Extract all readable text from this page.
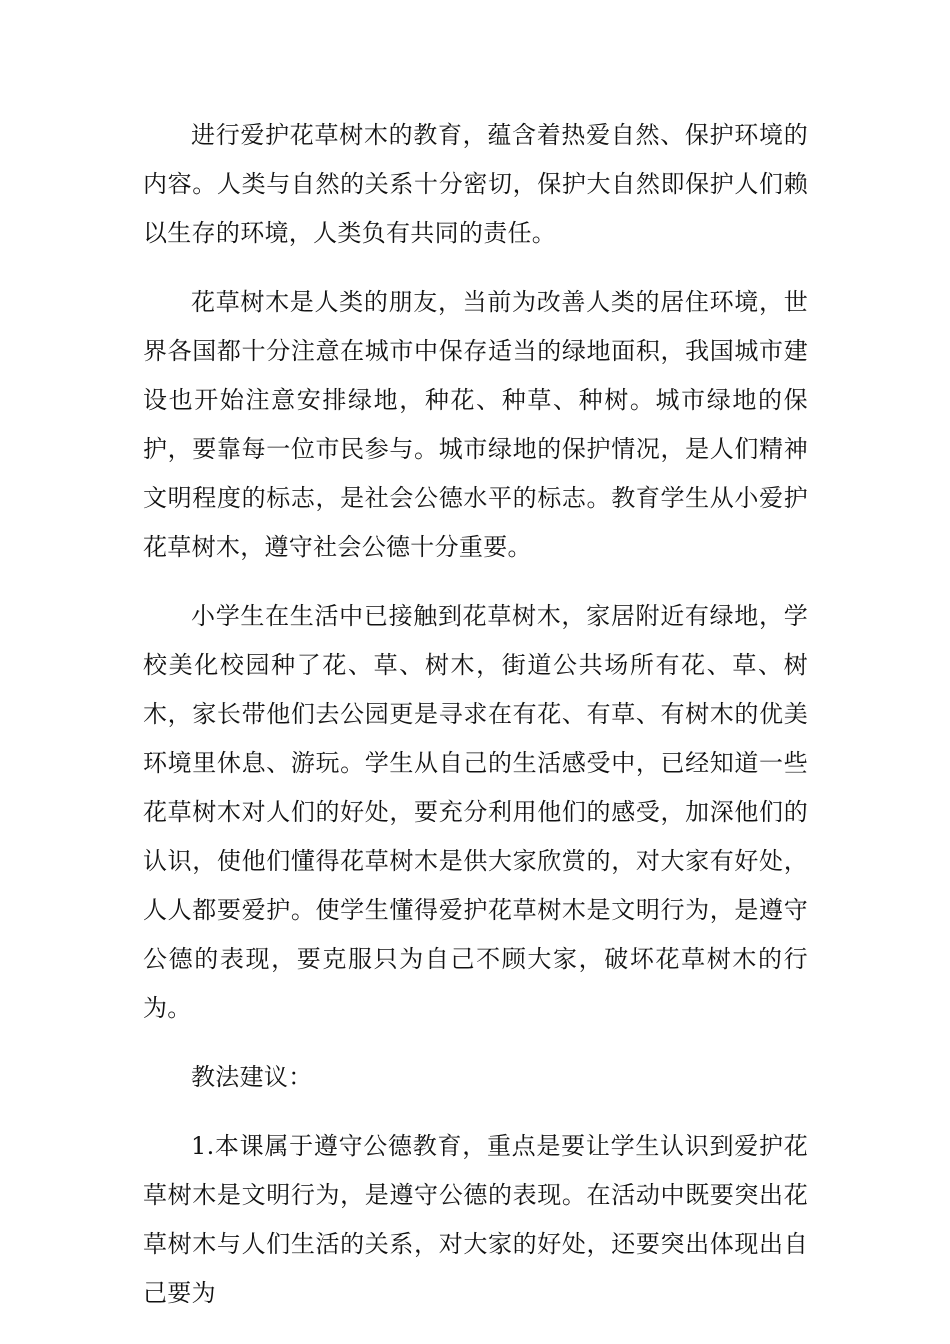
进行爱护花草树木的教育，蕴含着热爱自然、保护环境的内容。人类与自然的关系十分密切，保护大自然即保护人们赖以生存的环境，人类负有共同的责任。

花草树木是人类的朋友，当前为改善人类的居住环境，世界各国都十分注意在城市中保存适当的绿地面积，我国城市建设也开始注意安排绿地，种花、种草、种树。城市绿地的保护，要靠每一位市民参与。城市绿地的保护情况，是人们精神文明程度的标志，是社会公德水平的标志。教育学生从小爱护花草树木，遵守社会公德十分重要。

小学生在生活中已接触到花草树木，家居附近有绿地，学校美化校园种了花、草、树木，街道公共场所有花、草、树木，家长带他们去公园更是寻求在有花、有草、有树木的优美环境里休息、游玩。学生从自己的生活感受中，已经知道一些花草树木对人们的好处，要充分利用他们的感受，加深他们的认识，使他们懂得花草树木是供大家欣赏的，对大家有好处，人人都要爱护。使学生懂得爱护花草树木是文明行为，是遵守公德的表现，要克服只为自己不顾大家，破坏花草树木的行为。

教法建议：

1.本课属于遵守公德教育，重点是要让学生认识到爱护花草树木是文明行为，是遵守公德的表现。在活动中既要突出花草树木与人们生活的关系，对大家的好处，还要突出体现出自己要为
